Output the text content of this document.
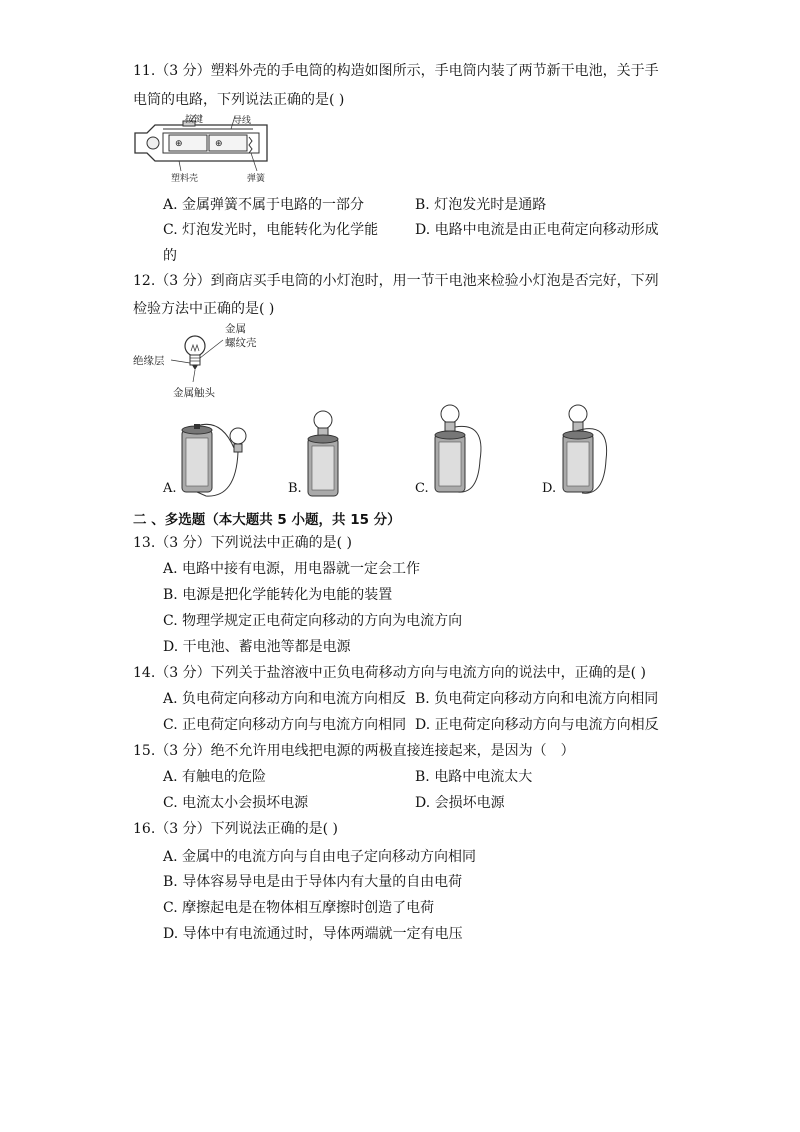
11.（3 分）塑料外壳的手电筒的构造如图所示，手电筒内装了两节新干电池，关于手
电筒的电路，下列说法正确的是( )
⊕	⊕
按键	导线
塑料壳	弹簧
A. 金属弹簧不属于电路的一部分	B. 灯泡发光时是通路
C. 灯泡发光时，电能转化为化学能	D. 电路中电流是由正电荷定向移动形成
的
12.（3 分）到商店买手电筒的小灯泡时，用一节干电池来检验小灯泡是否完好，下列
检验方法中正确的是( )
金属
螺纹壳
绝缘层
金属触头
A.	B.	C.	D.
二 、多选题（本大题共 5 小题，共 15 分）
13.（3 分）下列说法中正确的是( )
A. 电路中接有电源，用电器就一定会工作
B. 电源是把化学能转化为电能的装置
C. 物理学规定正电荷定向移动的方向为电流方向
D. 干电池、蓄电池等都是电源
14.（3 分）下列关于盐溶液中正负电荷移动方向与电流方向的说法中，正确的是( )
A. 负电荷定向移动方向和电流方向相反 B. 负电荷定向移动方向和电流方向相同
C. 正电荷定向移动方向与电流方向相同 D. 正电荷定向移动方向与电流方向相反
15.（3 分）绝不允许用电线把电源的两极直接连接起来，是因为（　）
A. 有触电的危险	B. 电路中电流太大
C. 电流太小会损坏电源	D. 会损坏电源
16.（3 分）下列说法正确的是( )
A. 金属中的电流方向与自由电子定向移动方向相同
B. 导体容易导电是由于导体内有大量的自由电荷
C. 摩擦起电是在物体相互摩擦时创造了电荷
D. 导体中有电流通过时，导体两端就一定有电压
